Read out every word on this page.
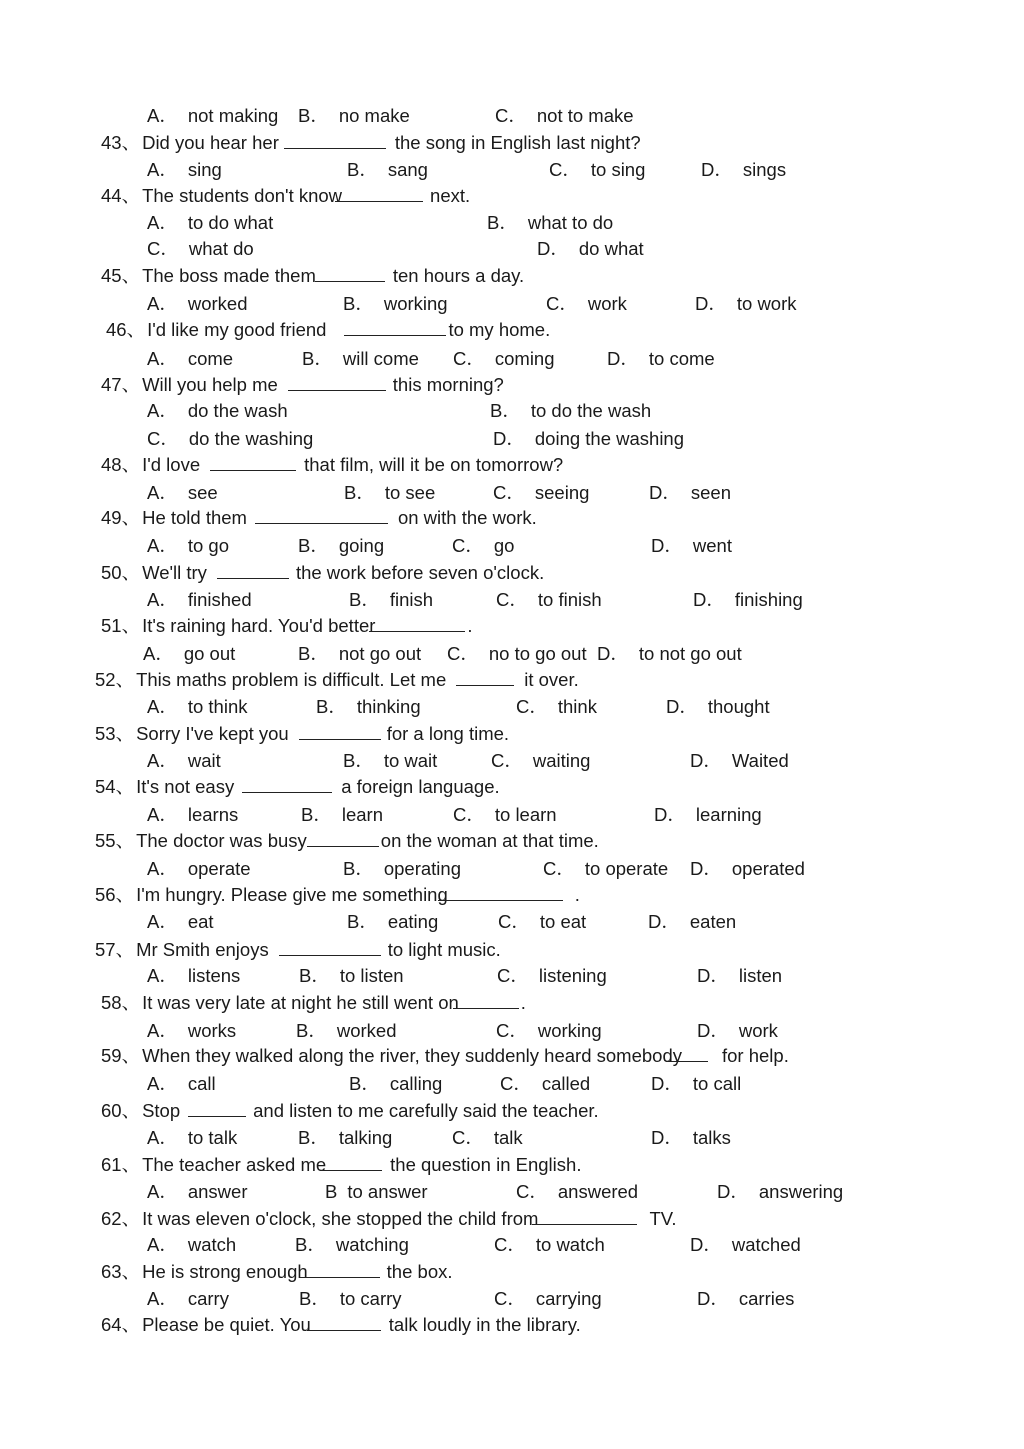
A． not making B． no make	C． not to make
43、 Did you hear her	the song in English last night?
A． sing	B． sang	C． to sing	D． sings
44、 The students don't know	next.
A． to do what	B． what to do
C． what do	D． do what
45、 The boss made them	ten hours a day.
A． worked	B． working	C． work	D． to work
46、 I'd like my good friend	to my home.
A． come	B． will come C． coming	D． to come
47、 Will you help me	this morning?
A． do the wash	B． to do the wash
C． do the washing	D． doing the washing
48、 I'd love	that film, will it be on tomorrow?
A． see	B． to see	C． seeing	D． seen
49、 He told them	on with the work.
A． to go	B． going	C． go	D． went
50、 We'll try	the work before seven o'clock.
A． finished	B． finish	C． to finish	D． finishing
51、 It's raining hard. You'd better	.
A． go out	B． not go out C． no to go out D． to not go out
52、 This maths problem is difficult. Let me	it over.
A． to think	B． thinking	C． think	D． thought
53、 Sorry I've kept you	for a long time.
A． wait	B． to wait	C． waiting	D． Waited
54、 It's not easy	a foreign language.
A． learns	B． learn	C． to learn	D． learning
55、 The doctor was busy	on the woman at that time.
A． operate	B． operating	C． to operate D． operated
56、 I'm hungry. Please give me something	.
A． eat	B． eating	C． to eat	D． eaten
57、 Mr Smith enjoys	to light music.
A． listens	B． to listen	C． listening	D． listen
58、 It was very late at night he still went on	.
A． works	B． worked	C． working	D． work
59、 When they walked along the river, they suddenly heard somebody for help.
A． call	B． calling	C． called	D． to call
60、 Stop	and listen to me carefully said the teacher.
A． to talk	B． talking	C． talk	D． talks
61、 The teacher asked me	the question in English.
A． answer	B to answer	C． answered	D． answering
62、 It was eleven o'clock, she stopped the child from	TV.
A． watch	B． watching	C． to watch	D． watched
63、 He is strong enough	the box.
A． carry	B． to carry	C． carrying	D． carries
64、 Please be quiet. You	talk loudly in the library.
